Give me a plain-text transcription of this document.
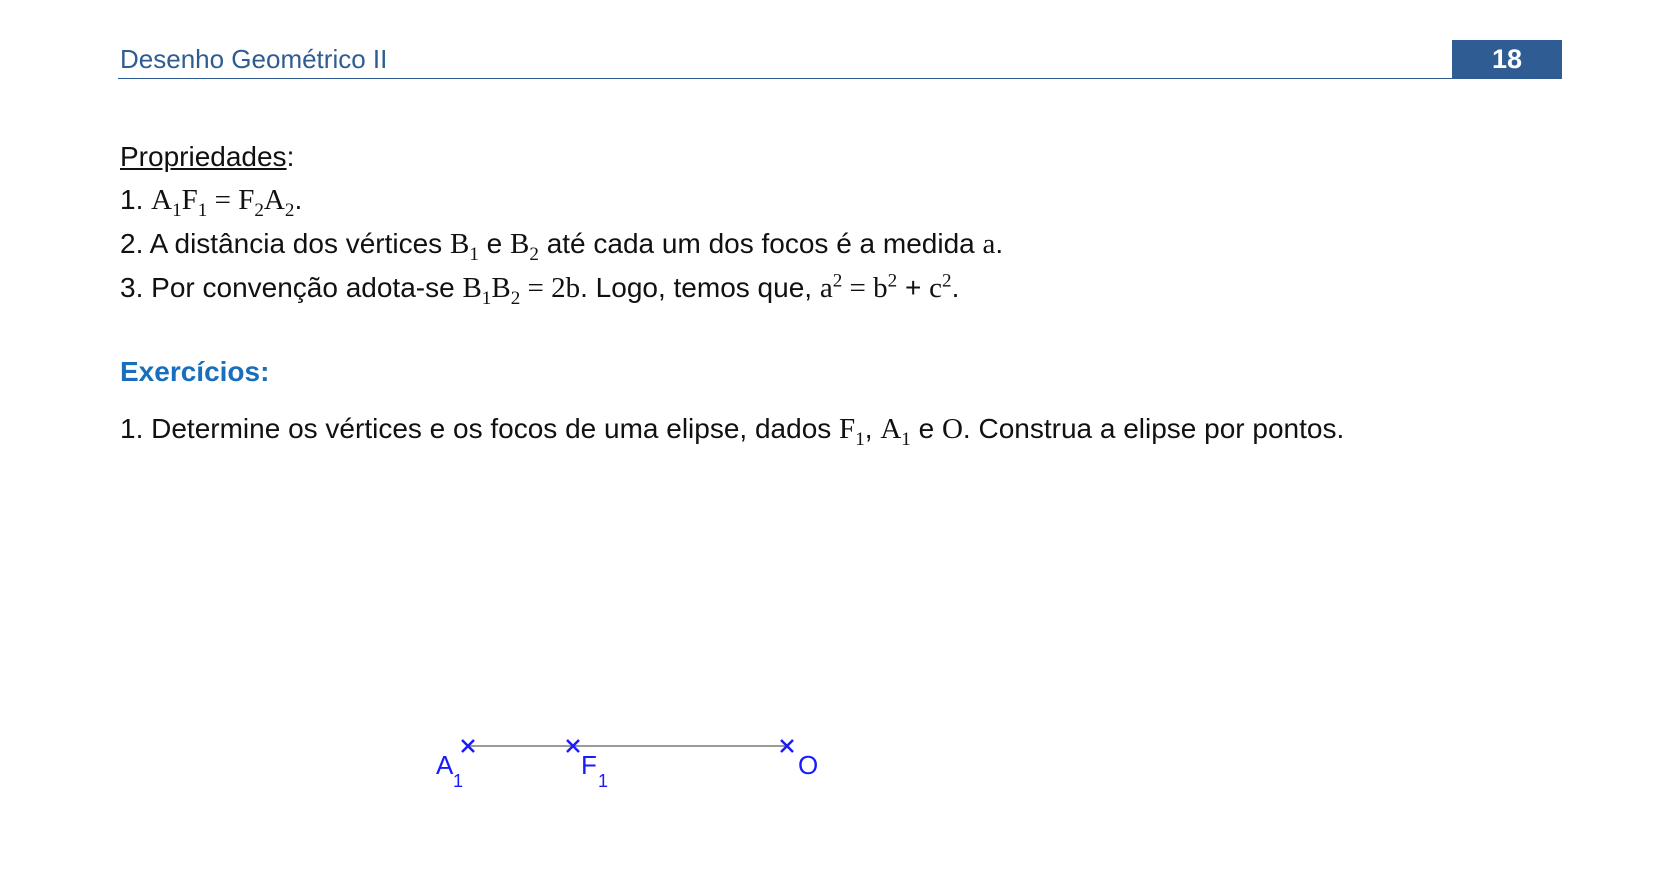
Desenho Geométrico II	18
Propriedades:
1. $A_1F_1 = F_2A_2$.
2. A distância dos vértices $B_1$ e $B_2$ até cada um dos focos é a medida a.
3. Por convenção adota-se $B_1B_2 = 2b$. Logo, temos que, $a^2 = b^2 + c^2$.
Exercícios:
1. Determine os vértices e os focos de uma elipse, dados $F_1$, $A_1$ e O. Construa a elipse por pontos.
A
1
F
1
O
